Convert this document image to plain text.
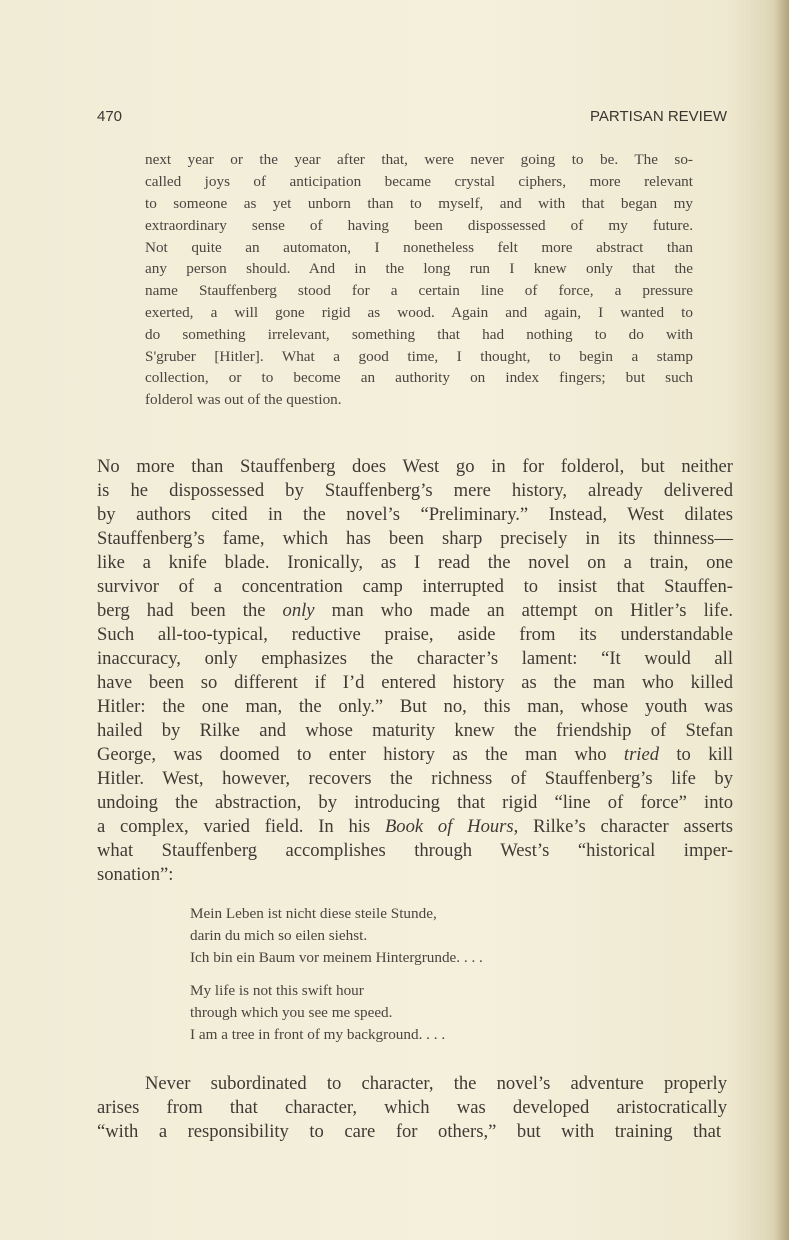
470	PARTISAN REVIEW
next year or the year after that, were never going to be. The so-
called joys of anticipation became crystal ciphers, more relevant
to someone as yet unborn than to myself, and with that began my
extraordinary sense of having been dispossessed of my future.
Not quite an automaton, I nonetheless felt more abstract than
any person should. And in the long run I knew only that the
name Stauffenberg stood for a certain line of force, a pressure
exerted, a will gone rigid as wood. Again and again, I wanted to
do something irrelevant, something that had nothing to do with
S'gruber [Hitler]. What a good time, I thought, to begin a stamp
collection, or to become an authority on index fingers; but such
folderol was out of the question.
No more than Stauffenberg does West go in for folderol, but neither
is he dispossessed by Stauffenberg’s mere history, already delivered
by authors cited in the novel’s “Preliminary.” Instead, West dilates
Stauffenberg’s fame, which has been sharp precisely in its thinness—
like a knife blade. Ironically, as I read the novel on a train, one
survivor of a concentration camp interrupted to insist that Stauffen-
berg had been the only man who made an attempt on Hitler’s life.
Such all-too-typical, reductive praise, aside from its understandable
inaccuracy, only emphasizes the character’s lament: “It would all
have been so different if I’d entered history as the man who killed
Hitler: the one man, the only.” But no, this man, whose youth was
hailed by Rilke and whose maturity knew the friendship of Stefan
George, was doomed to enter history as the man who tried to kill
Hitler. West, however, recovers the richness of Stauffenberg’s life by
undoing the abstraction, by introducing that rigid “line of force” into
a complex, varied field. In his Book of Hours, Rilke’s character asserts
what Stauffenberg accomplishes through West’s “historical imper-
sonation”:
Mein Leben ist nicht diese steile Stunde,
darin du mich so eilen siehst.
Ich bin ein Baum vor meinem Hintergrunde. . . .
My life is not this swift hour
through which you see me speed.
I am a tree in front of my background. . . .
Never subordinated to character, the novel’s adventure properly
arises from that character, which was developed aristocratically
“with a responsibility to care for others,” but with training that
